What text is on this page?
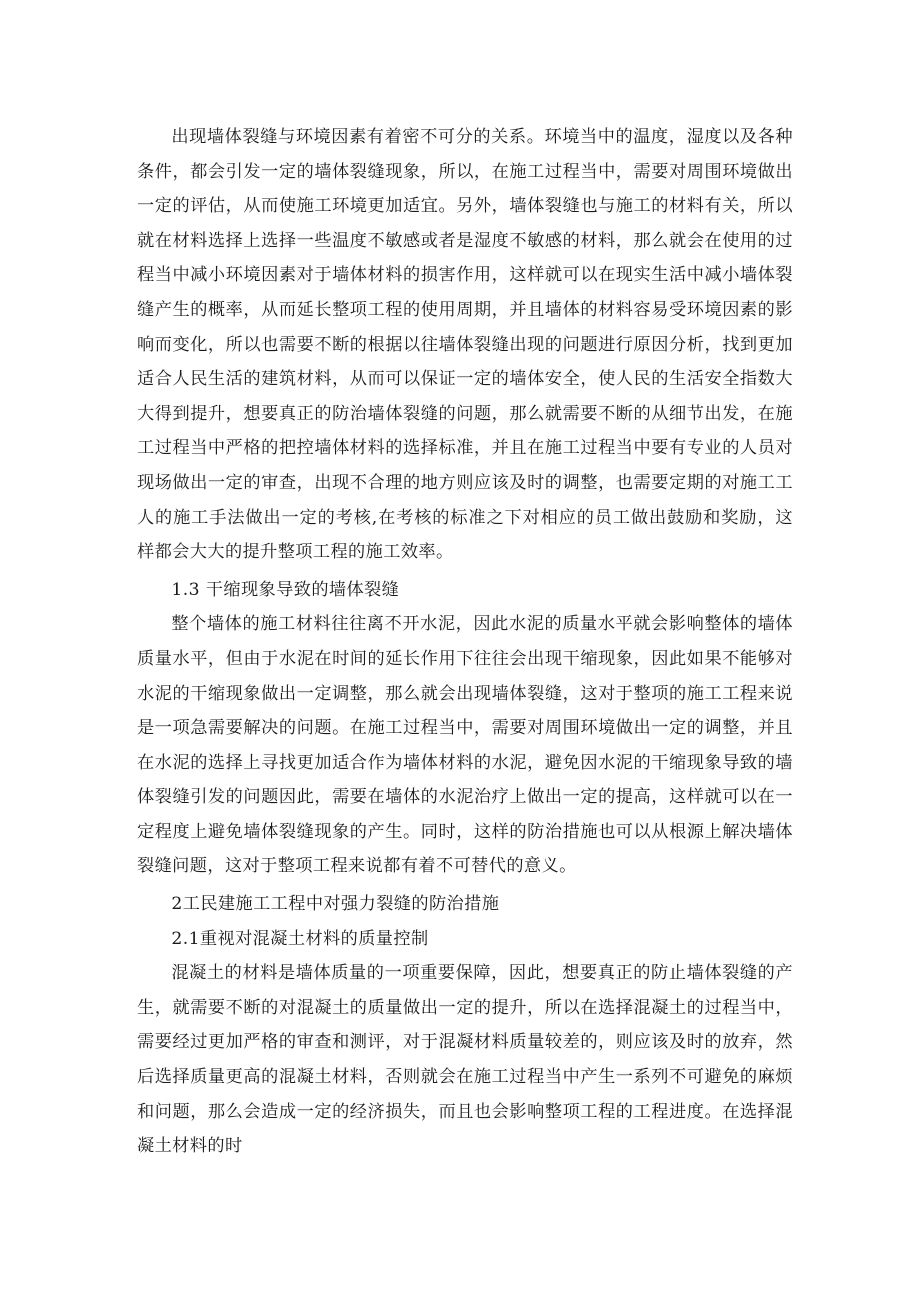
出现墙体裂缝与环境因素有着密不可分的关系。环境当中的温度，湿度以及各种条件，都会引发一定的墙体裂缝现象，所以，在施工过程当中，需要对周围环境做出一定的评估，从而使施工环境更加适宜。另外，墙体裂缝也与施工的材料有关，所以就在材料选择上选择一些温度不敏感或者是湿度不敏感的材料，那么就会在使用的过程当中减小环境因素对于墙体材料的损害作用，这样就可以在现实生活中减小墙体裂缝产生的概率，从而延长整项工程的使用周期，并且墙体的材料容易受环境因素的影响而变化，所以也需要不断的根据以往墙体裂缝出现的问题进行原因分析，找到更加适合人民生活的建筑材料，从而可以保证一定的墙体安全，使人民的生活安全指数大大得到提升，想要真正的防治墙体裂缝的问题，那么就需要不断的从细节出发，在施工过程当中严格的把控墙体材料的选择标准，并且在施工过程当中要有专业的人员对现场做出一定的审查，出现不合理的地方则应该及时的调整，也需要定期的对施工工人的施工手法做出一定的考核,在考核的标准之下对相应的员工做出鼓励和奖励，这样都会大大的提升整项工程的施工效率。

1.3 干缩现象导致的墙体裂缝

整个墙体的施工材料往往离不开水泥，因此水泥的质量水平就会影响整体的墙体质量水平，但由于水泥在时间的延长作用下往往会出现干缩现象，因此如果不能够对水泥的干缩现象做出一定调整，那么就会出现墙体裂缝，这对于整项的施工工程来说是一项急需要解决的问题。在施工过程当中，需要对周围环境做出一定的调整，并且在水泥的选择上寻找更加适合作为墙体材料的水泥，避免因水泥的干缩现象导致的墙体裂缝引发的问题因此，需要在墙体的水泥治疗上做出一定的提高，这样就可以在一定程度上避免墙体裂缝现象的产生。同时，这样的防治措施也可以从根源上解决墙体裂缝问题，这对于整项工程来说都有着不可替代的意义。

2工民建施工工程中对强力裂缝的防治措施

2.1重视对混凝土材料的质量控制

混凝土的材料是墙体质量的一项重要保障，因此，想要真正的防止墙体裂缝的产生，就需要不断的对混凝土的质量做出一定的提升，所以在选择混凝土的过程当中，需要经过更加严格的审查和测评，对于混凝材料质量较差的，则应该及时的放弃，然后选择质量更高的混凝土材料，否则就会在施工过程当中产生一系列不可避免的麻烦和问题，那么会造成一定的经济损失，而且也会影响整项工程的工程进度。在选择混凝土材料的时
